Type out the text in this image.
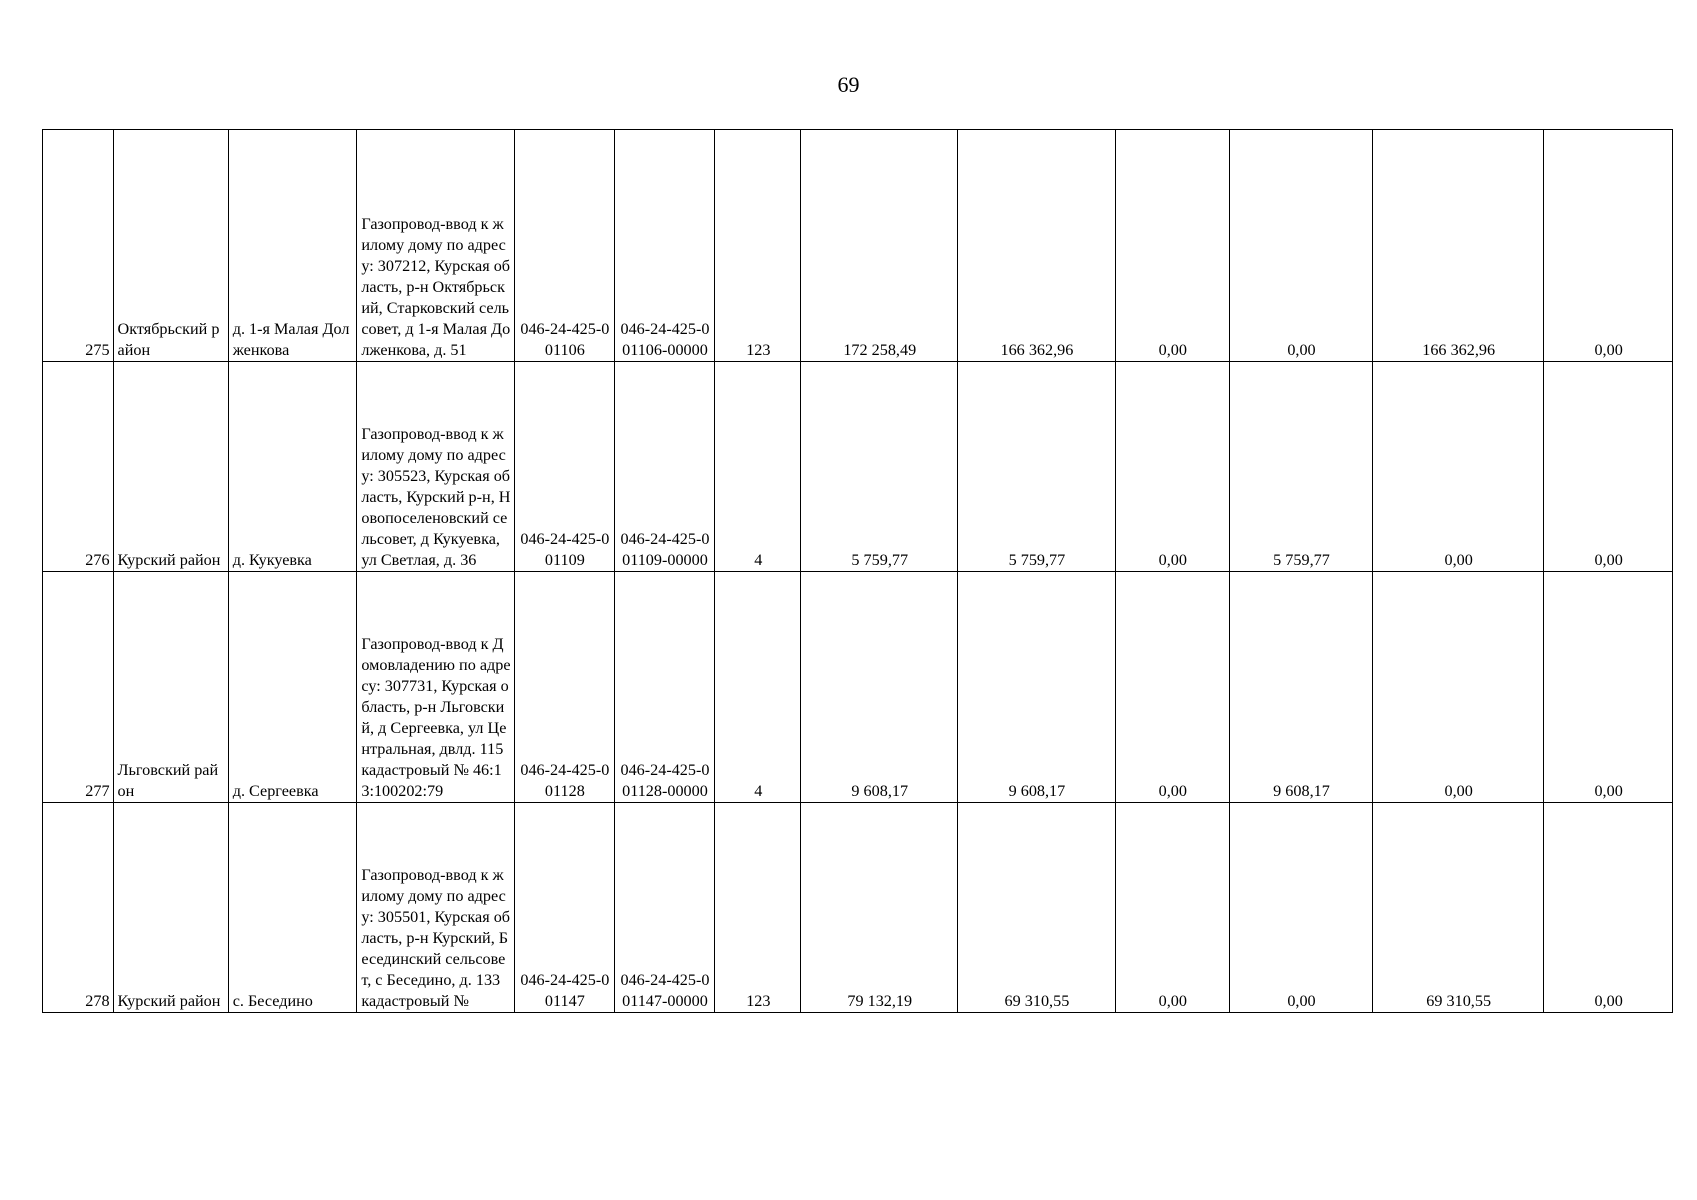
69
275	Октябрьский район	д. 1-я Малая Долженкова	Газопровод-ввод к жилому дому по адресу: 307212, Курская область, р-н Октябрьский, Старковский сельсовет, д 1-я Малая Долженкова, д. 51	046-24-425-001106	046-24-425-001106-00000	123	172 258,49	166 362,96	0,00	0,00	166 362,96	0,00
276	Курский район	д. Кукуевка	Газопровод-ввод к жилому дому по адресу: 305523, Курская область, Курский р-н, Новопоселеновский сельсовет, д Кукуевка, ул Светлая, д. 36	046-24-425-001109	046-24-425-001109-00000	4	5 759,77	5 759,77	0,00	5 759,77	0,00	0,00
277	Льговский район	д. Сергеевка	Газопровод-ввод к Домовладению по адресу: 307731, Курская область, р-н Льговский, д Сергеевка, ул Центральная, двлд. 115 кадастровый № 46:13:100202:79	046-24-425-001128	046-24-425-001128-00000	4	9 608,17	9 608,17	0,00	9 608,17	0,00	0,00
278	Курский район	с. Беседино	Газопровод-ввод к жилому дому по адресу: 305501, Курская область, р-н Курский, Бесединский сельсовет, с Беседино, д. 133 кадастровый №	046-24-425-001147	046-24-425-001147-00000	123	79 132,19	69 310,55	0,00	0,00	69 310,55	0,00
